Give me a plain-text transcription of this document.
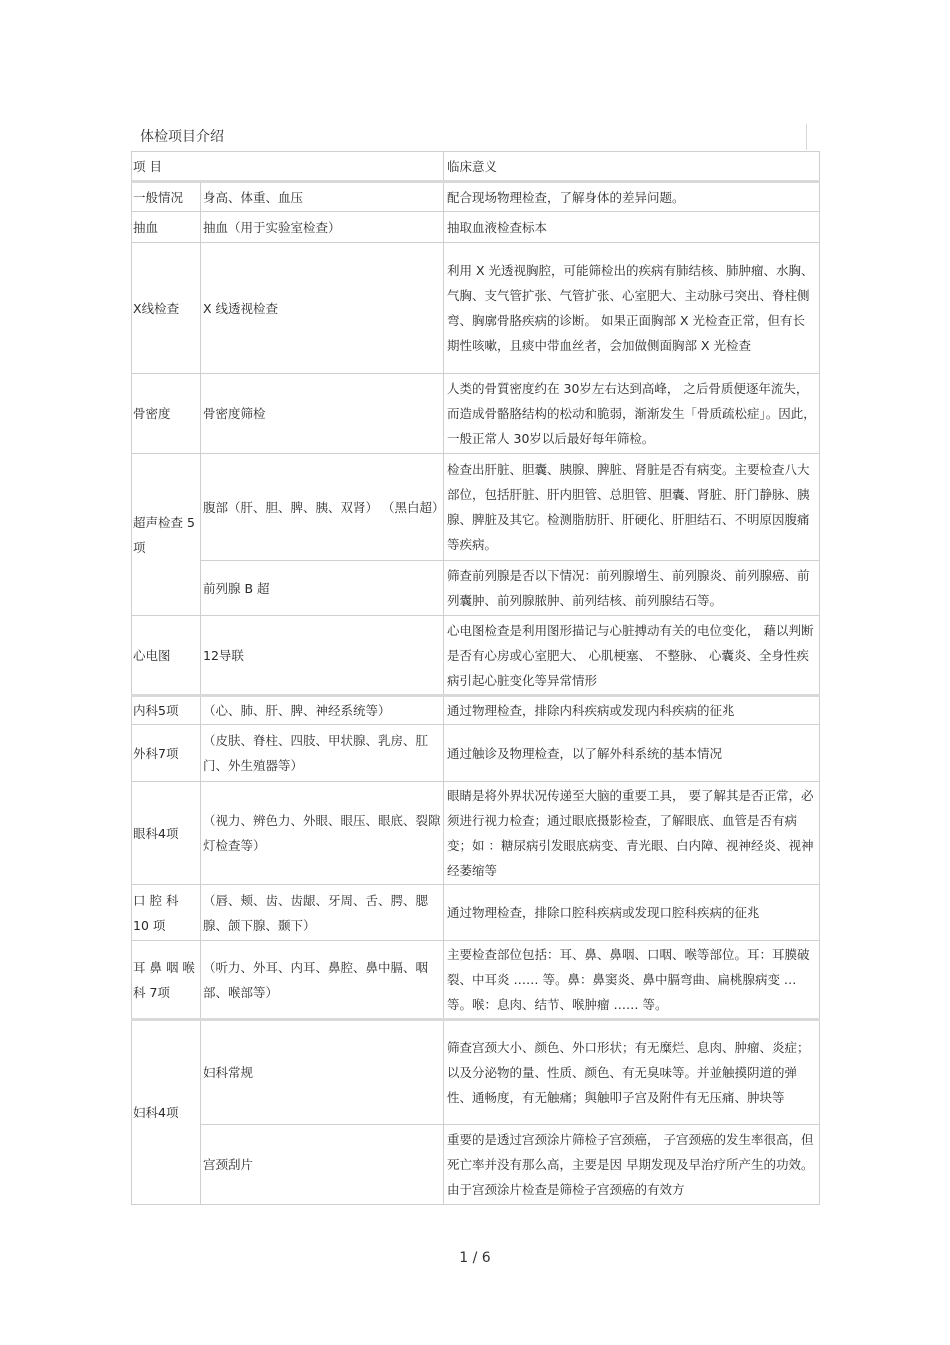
体检项目介绍
项 目		临床意义
一般情况	身高、体重、血压	配合现场物理检查，了解身体的差异问题。
抽血	抽血（用于实验室检查）	抽取血液检查标本
X线检查	X 线透视检查	利用 X 光透视胸腔，可能筛检出的疾病有肺结核、肺肿瘤、水胸、气胸、支气管扩张、气管扩张、心室肥大、主动脉弓突出、脊柱侧弯、胸廓骨胳疾病的诊断。 如果正面胸部 X 光检查正常，但有长期性咳嗽，且痰中带血丝者，会加做侧面胸部 X 光检查
骨密度	骨密度筛检	人类的骨質密度约在 30岁左右达到高峰， 之后骨质便逐年流失，而造成骨骼胳结构的松动和脆弱，渐渐发生「骨质疏松症」。因此，一般正常人 30岁以后最好每年筛检。
超声检查 5项	腹部（肝、胆、脾、胰、双肾） （黑白超）	检查出肝脏、胆囊、胰腺、脾脏、肾脏是否有病变。主要检查八大部位，包括肝脏、肝内胆管、总胆管、胆囊、肾脏、肝门静脉、胰腺、脾脏及其它。检测脂肪肝、肝硬化、肝胆结石、不明原因腹痛等疾病。
	前列腺 B 超	筛查前列腺是否以下情况：前列腺增生、前列腺炎、前列腺癌、前列囊肿、前列腺脓肿、前列结核、前列腺结石等。
心电图	12导联	心电图检查是利用图形描记与心脏搏动有关的电位变化， 藉以判断是否有心房或心室肥大、 心肌梗塞、 不整脉、 心囊炎、全身性疾病引起心脏变化等异常情形
内科5项	（心、肺、肝、脾、神经系统等）	通过物理检查，排除内科疾病或发现内科疾病的征兆
外科7项	（皮肤、脊柱、四肢、甲状腺、乳房、肛门、外生殖器等）	通过触诊及物理检查，以了解外科系统的基本情况
眼科4项	（视力、辨色力、外眼、眼压、眼底、裂隙灯检查等）	眼睛是将外界状况传递至大脑的重要工具， 要了解其是否正常，必须进行视力检查；通过眼底摄影检查，了解眼底、血管是否有病变；如 ：糖尿病引发眼底病变、青光眼、白内障、视神经炎、视神经萎缩等
口 腔 科 10 项	（唇、颊、齿、齿龈、牙周、舌、腭、腮腺、颌下腺、颞下）	通过物理检查，排除口腔科疾病或发现口腔科疾病的征兆
耳 鼻 咽 喉科 7项	（听力、外耳、内耳、鼻腔、鼻中膈、咽部、喉部等）	主要检查部位包括：耳、鼻、鼻咽、口咽、喉等部位。耳：耳膜破裂、中耳炎 …… 等。鼻：鼻窦炎、鼻中膈弯曲、扁桃腺病变 … 等。喉：息肉、结节、喉肿瘤 …… 等。
妇科4项	妇科常规	筛查宫颈大小、颜色、外口形状；有无糜烂、息肉、肿瘤、炎症；以及分泌物的量、性质、颜色、有无臭味等。并並触摸阴道的弹性、通畅度，有无触痛；與触叩子宫及附件有无压痛、肿块等
	宫颈刮片	重要的是透过宫颈涂片筛检子宫颈癌， 子宫颈癌的发生率很高，但死亡率并没有那么高，主要是因 早期发现及早治疗所产生的功效。 由于宫颈涂片检查是筛检子宫颈癌的有效方
1 / 6
